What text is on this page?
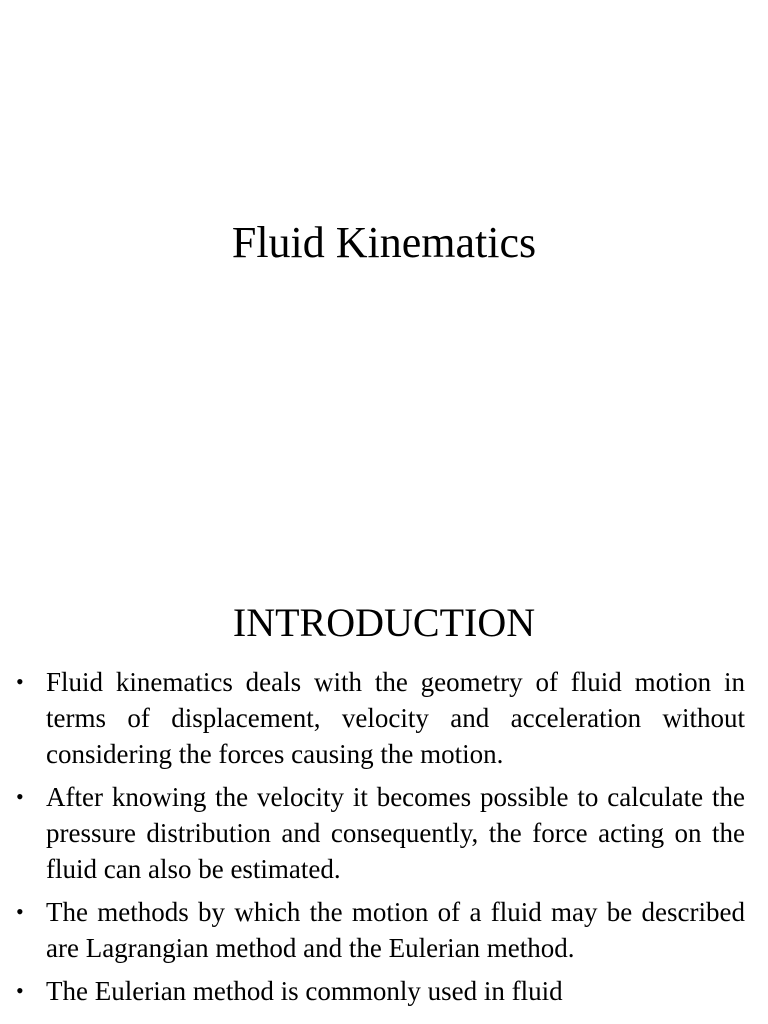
Fluid Kinematics
INTRODUCTION
• Fluid kinematics deals with the geometry of fluid motion in terms of displacement, velocity and acceleration without considering the forces causing the motion.
• After knowing the velocity it becomes possible to calculate the pressure distribution and consequently, the force acting on the fluid can also be estimated.
• The methods by which the motion of a fluid may be described are Lagrangian method and the Eulerian method.
• The Eulerian method is commonly used in fluid
